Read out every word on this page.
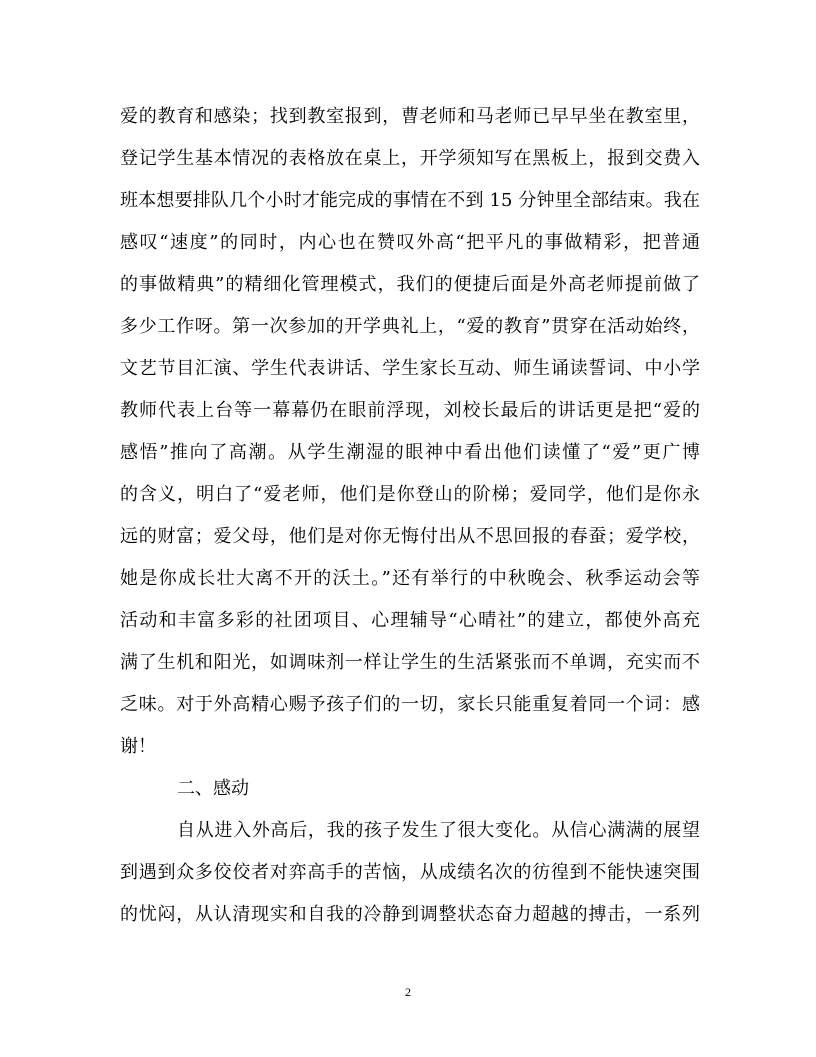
爱的教育和感染；找到教室报到，曹老师和马老师已早早坐在教室里，
登记学生基本情况的表格放在桌上，开学须知写在黑板上，报到交费入
班本想要排队几个小时才能完成的事情在不到 15 分钟里全部结束。我在
感叹“速度”的同时，内心也在赞叹外高“把平凡的事做精彩，把普通
的事做精典”的精细化管理模式，我们的便捷后面是外高老师提前做了
多少工作呀。第一次参加的开学典礼上，“爱的教育”贯穿在活动始终，
文艺节目汇演、学生代表讲话、学生家长互动、师生诵读誓词、中小学
教师代表上台等一幕幕仍在眼前浮现，刘校长最后的讲话更是把“爱的
感悟”推向了高潮。从学生潮湿的眼神中看出他们读懂了“爱”更广博
的含义，明白了“爱老师，他们是你登山的阶梯；爱同学，他们是你永
远的财富；爱父母，他们是对你无悔付出从不思回报的春蚕；爱学校，
她是你成长壮大离不开的沃土。”还有举行的中秋晚会、秋季运动会等
活动和丰富多彩的社团项目、心理辅导“心晴社”的建立，都使外高充
满了生机和阳光，如调味剂一样让学生的生活紧张而不单调，充实而不
乏味。对于外高精心赐予孩子们的一切，家长只能重复着同一个词：感
谢！
二、感动
自从进入外高后，我的孩子发生了很大变化。从信心满满的展望
到遇到众多佼佼者对弈高手的苦恼，从成绩名次的彷徨到不能快速突围
的忧闷，从认清现实和自我的冷静到调整状态奋力超越的搏击，一系列
2
